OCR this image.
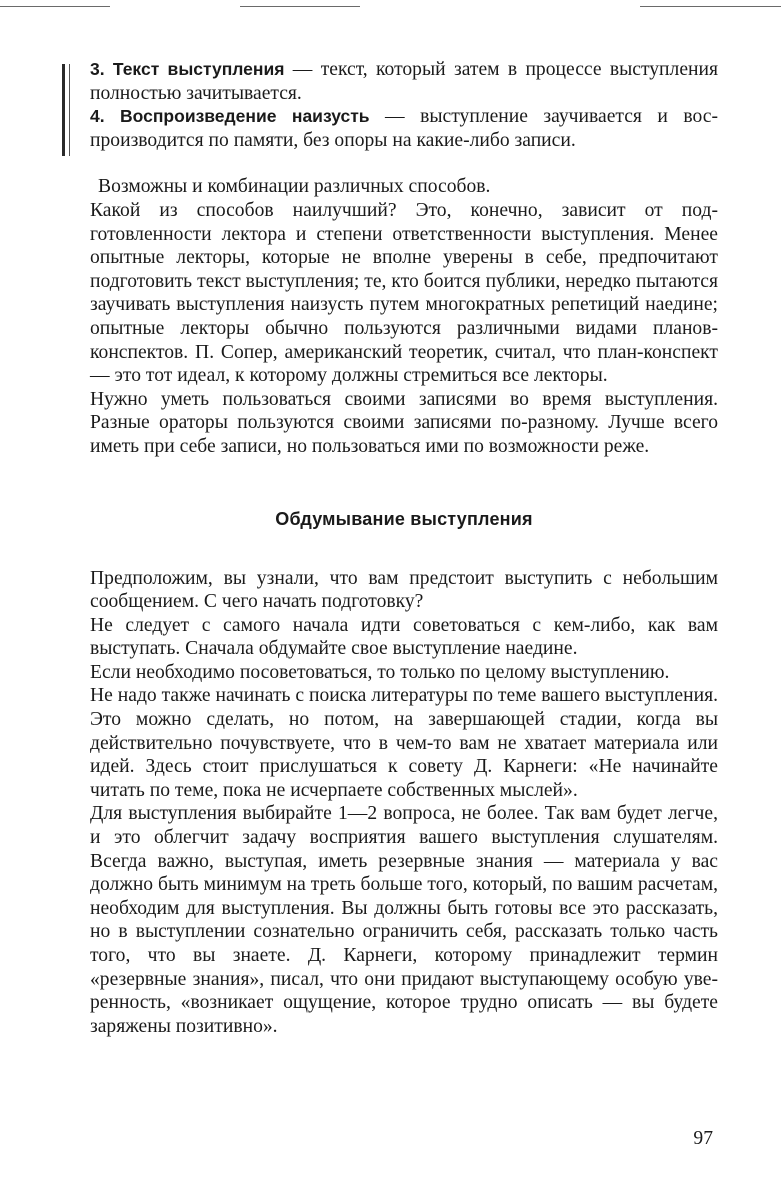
3. Текст выступления — текст, который затем в процессе выступления полностью зачитывается.

4. Воспроизведение наизусть — выступление заучивается и воспроизводится по памяти, без опоры на какие-либо записи.

Возможны и комбинации различных способов.

Какой из способов наилучший? Это, конечно, зависит от подготовленности лектора и степени ответственности выступления. Менее опытные лекторы, которые не вполне уверены в себе, предпочитают подготовить текст выступления; те, кто боится публики, нередко пытаются заучивать выступления наизусть путем многократных репетиций наедине; опытные лекторы обычно пользуются различными видами планов-конспектов. П. Сопер, американский теоретик, считал, что план-конспект — это тот идеал, к которому должны стремиться все лекторы.

Нужно уметь пользоваться своими записями во время выступления. Разные ораторы пользуются своими записями по-разному. Лучше всего иметь при себе записи, но пользоваться ими по возможности реже.

Обдумывание выступления

Предположим, вы узнали, что вам предстоит выступить с небольшим сообщением. С чего начать подготовку?

Не следует с самого начала идти советоваться с кем-либо, как вам выступать. Сначала обдумайте свое выступление наедине.

Если необходимо посоветоваться, то только по целому выступлению.

Не надо также начинать с поиска литературы по теме вашего выступления. Это можно сделать, но потом, на завершающей стадии, когда вы действительно почувствуете, что в чем-то вам не хватает материала или идей. Здесь стоит прислушаться к совету Д. Карнеги: «Не начинайте читать по теме, пока не исчерпаете собственных мыслей».

Для выступления выбирайте 1—2 вопроса, не более. Так вам будет легче, и это облегчит задачу восприятия вашего выступления слушателям. Всегда важно, выступая, иметь резервные знания — материала у вас должно быть минимум на треть больше того, который, по вашим расчетам, необходим для выступления. Вы должны быть готовы все это рассказать, но в выступлении сознательно ограничить себя, рассказать только часть того, что вы знаете. Д. Карнеги, которому принадлежит термин «резервные знания», писал, что они придают выступающему особую уверенность, «возникает ощущение, которое трудно описать — вы будете заряжены позитивно».

97
